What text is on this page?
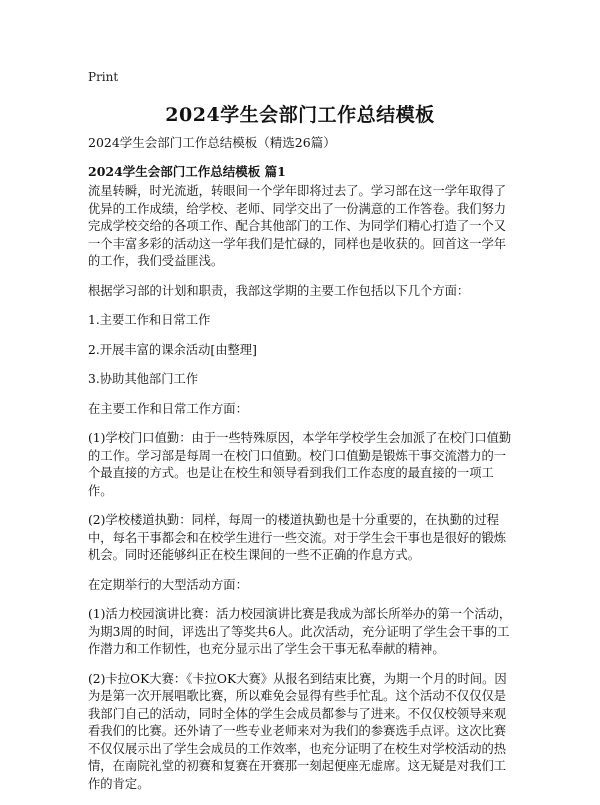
Print
2024学生会部门工作总结模板
2024学生会部门工作总结模板（精选26篇）
2024学生会部门工作总结模板 篇1

流星转瞬，时光流逝，转眼间一个学年即将过去了。学习部在这一学年取得了优异的工作成绩，给学校、老师、同学交出了一份满意的工作答卷。我们努力完成学校交给的各项工作、配合其他部门的工作、为同学们精心打造了一个又一个丰富多彩的活动这一学年我们是忙碌的，同样也是收获的。回首这一学年的工作，我们受益匪浅。

根据学习部的计划和职责，我部这学期的主要工作包括以下几个方面：

1.主要工作和日常工作

2.开展丰富的课余活动[由整理]

3.协助其他部门工作

在主要工作和日常工作方面：

(1)学校门口值勤：由于一些特殊原因，本学年学校学生会加派了在校门口值勤的工作。学习部是每周一在校门口值勤。校门口值勤是锻炼干事交流潜力的一个最直接的方式。也是让在校生和领导看到我们工作态度的最直接的一项工作。

(2)学校楼道执勤：同样，每周一的楼道执勤也是十分重要的，在执勤的过程中，每名干事都会和在校学生进行一些交流。对于学生会干事也是很好的锻炼机会。同时还能够纠正在校生课间的一些不正确的作息方式。

在定期举行的大型活动方面：

(1)活力校园演讲比赛：活力校园演讲比赛是我成为部长所举办的第一个活动，为期3周的时间，评选出了等奖共6人。此次活动，充分证明了学生会干事的工作潜力和工作韧性，也充分显示出了学生会干事无私奉献的精神。

(2)卡拉OK大赛：《卡拉OK大赛》从报名到结束比赛，为期一个月的时间。因为是第一次开展唱歌比赛，所以难免会显得有些手忙乱。这个活动不仅仅仅是我部门自己的活动，同时全体的学生会成员都参与了进来。不仅仅校领导来观看我们的比赛。还外请了一些专业老师来对为我们的参赛选手点评。这次比赛不仅仅展示出了学生会成员的工作效率，也充分证明了在校生对学校活动的热情，在南院礼堂的初赛和复赛在开赛那一刻起便座无虚席。这无疑是对我们工作的肯定。
